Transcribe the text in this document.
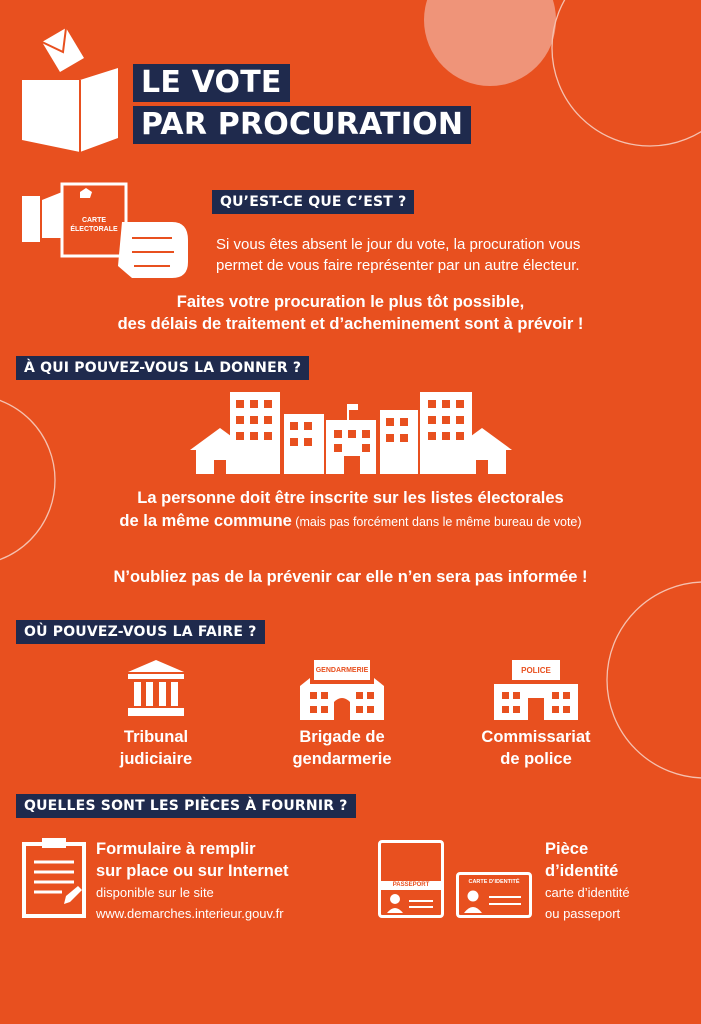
LE VOTE
PAR PROCURATION
QU’EST-CE QUE C’EST ?
CARTE
ÉLECTORALE
Si vous êtes absent le jour du vote, la procuration vous
permet de vous faire représenter par un autre électeur.
Faites votre procuration le plus tôt possible,
des délais de traitement et d’acheminement sont à prévoir !
À QUI POUVEZ-VOUS LA DONNER ?
La personne doit être inscrite sur les listes électorales
de la même commune (mais pas forcément dans le même bureau de vote)
N’oubliez pas de la prévenir car elle n’en sera pas informée !
OÙ POUVEZ-VOUS LA FAIRE ?
GENDARMERIE	POLICE
Tribunal
judiciaire
Brigade de
gendarmerie
Commissariat
de police
QUELLES SONT LES PIÈCES À FOURNIR ?
Formulaire à remplir
sur place ou sur Internet
disponible sur le site
www.demarches.interieur.gouv.fr
PASSEPORT	CARTE D’IDENTITÉ
Pièce
d’identité
carte d’identité
ou passeport
